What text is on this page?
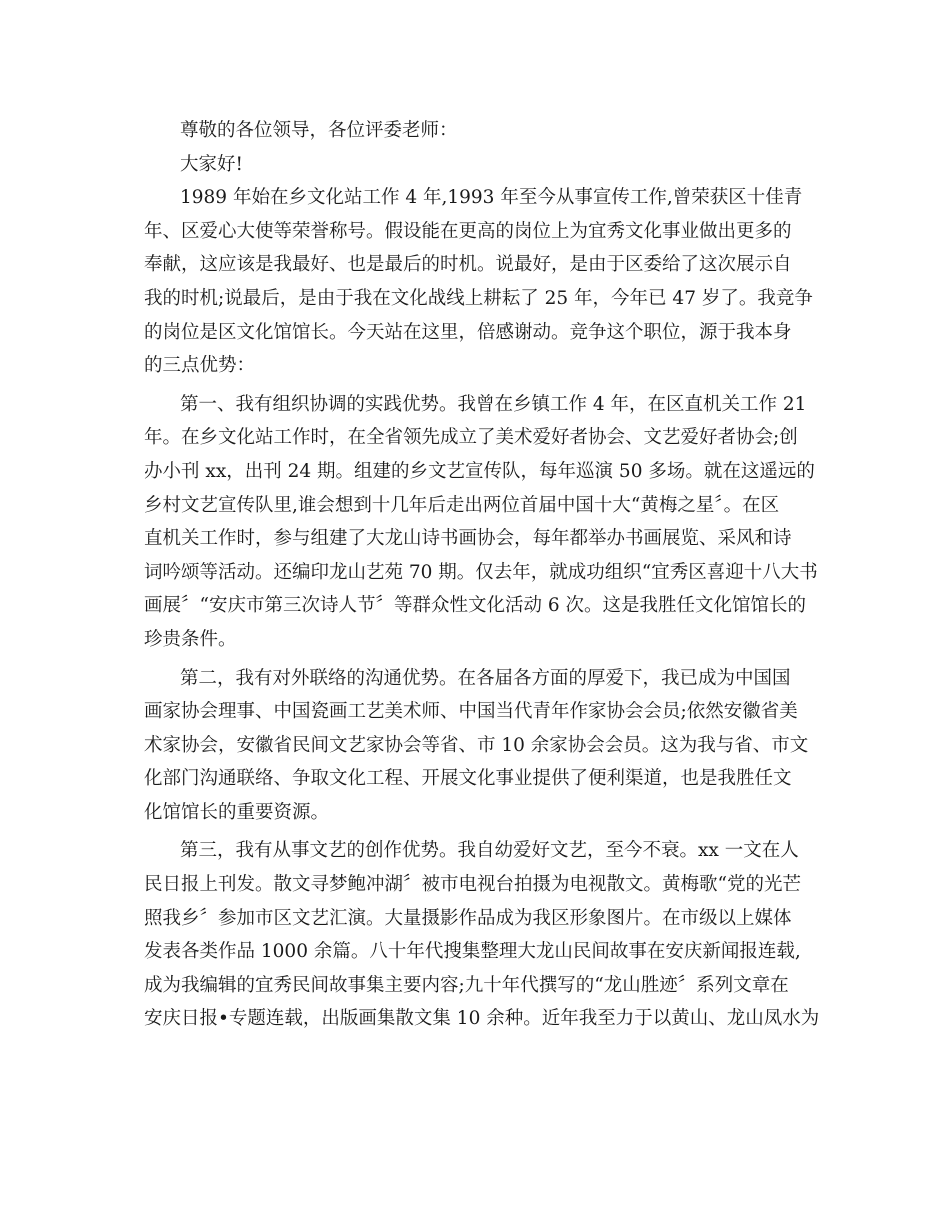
尊敬的各位领导，各位评委老师：
大家好!
1989 年始在乡文化站工作 4 年,1993 年至今从事宣传工作,曾荣获区十佳青
年、区爱心大使等荣誉称号。假设能在更高的岗位上为宜秀文化事业做出更多的
奉献，这应该是我最好、也是最后的时机。说最好，是由于区委给了这次展示自
我的时机;说最后，是由于我在文化战线上耕耘了 25 年，今年已 47 岁了。我竞争
的岗位是区文化馆馆长。今天站在这里，倍感谢动。竞争这个职位，源于我本身
的三点优势：
第一、我有组织协调的实践优势。我曾在乡镇工作 4 年，在区直机关工作 21
年。在乡文化站工作时，在全省领先成立了美术爱好者协会、文艺爱好者协会;创
办小刊 xx，出刊 24 期。组建的乡文艺宣传队，每年巡演 50 多场。就在这遥远的
乡村文艺宣传队里,谁会想到十几年后走出两位首届中国十大“黄梅之星〞。在区
直机关工作时，参与组建了大龙山诗书画协会，每年都举办书画展览、采风和诗
词吟颂等活动。还编印龙山艺苑 70 期。仅去年，就成功组织“宜秀区喜迎十八大书
画展〞“安庆市第三次诗人节〞等群众性文化活动 6 次。这是我胜任文化馆馆长的
珍贵条件。
第二，我有对外联络的沟通优势。在各届各方面的厚爱下，我已成为中国国
画家协会理事、中国瓷画工艺美术师、中国当代青年作家协会会员;依然安徽省美
术家协会，安徽省民间文艺家协会等省、市 10 余家协会会员。这为我与省、市文
化部门沟通联络、争取文化工程、开展文化事业提供了便利渠道，也是我胜任文
化馆馆长的重要资源。
第三，我有从事文艺的创作优势。我自幼爱好文艺，至今不衰。xx 一文在人
民日报上刊发。散文寻梦鲍冲湖〞被市电视台拍摄为电视散文。黄梅歌“党的光芒
照我乡〞参加市区文艺汇演。大量摄影作品成为我区形象图片。在市级以上媒体
发表各类作品 1000 余篇。八十年代搜集整理大龙山民间故事在安庆新闻报连载,
成为我编辑的宜秀民间故事集主要内容;九十年代撰写的“龙山胜迹〞系列文章在
安庆日报•专题连载，出版画集散文集 10 余种。近年我至力于以黄山、龙山凤水为
